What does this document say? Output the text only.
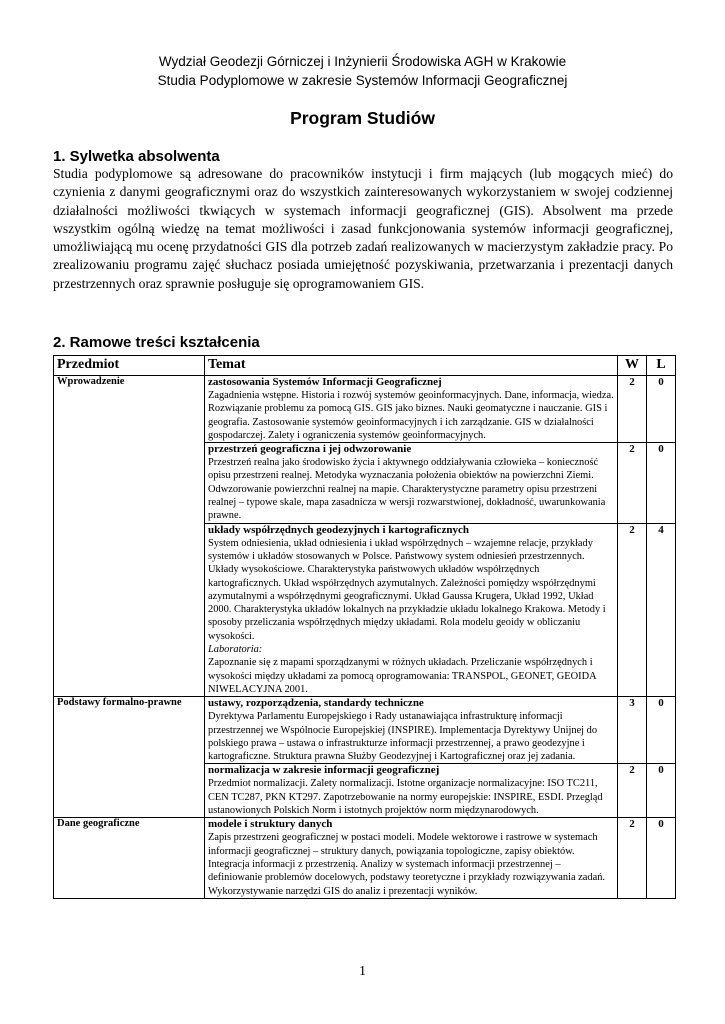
Wydział Geodezji Górniczej i Inżynierii Środowiska AGH w Krakowie
Studia Podyplomowe w zakresie Systemów Informacji Geograficznej
Program Studiów
1. Sylwetka absolwenta

Studia podyplomowe są adresowane do pracowników instytucji i firm mających (lub mogących mieć) do czynienia z danymi geograficznymi oraz do wszystkich zainteresowanych wykorzystaniem w swojej codziennej działalności możliwości tkwiących w systemach informacji geograficznej (GIS). Absolwent ma przede wszystkim ogólną wiedzę na temat możliwości i zasad funkcjonowania systemów informacji geograficznej, umożliwiającą mu ocenę przydatności GIS dla potrzeb zadań realizowanych w macierzystym zakładzie pracy. Po zrealizowaniu programu zajęć słuchacz posiada umiejętność pozyskiwania, przetwarzania i prezentacji danych przestrzennych oraz sprawnie posługuje się oprogramowaniem GIS.

2. Ramowe treści kształcenia
Przedmiot	Temat	W	L
Wprowadzenie	zastosowania Systemów Informacji Geograficznej
Zagadnienia wstępne. Historia i rozwój systemów geoinformacyjnych. Dane, informacja, wiedza. Rozwiązanie problemu za pomocą GIS. GIS jako biznes. Nauki geomatyczne i nauczanie. GIS i geografia. Zastosowanie systemów geoinformacyjnych i ich zarządzanie. GIS w działalności gospodarczej. Zalety i ograniczenia systemów geoinformacyjnych.	2	0

	przestrzeń geograficzna i jej odwzorowanie
Przestrzeń realna jako środowisko życia i aktywnego oddziaływania człowieka – konieczność opisu przestrzeni realnej. Metodyka wyznaczania położenia obiektów na powierzchni Ziemi. Odwzorowanie powierzchni realnej na mapie. Charakterystyczne parametry opisu przestrzeni realnej – typowe skale, mapa zasadnicza w wersji rozwarstwionej, dokładność, uwarunkowania prawne.	2	0

	układy współrzędnych geodezyjnych i kartograficznych
System odniesienia, układ odniesienia i układ współrzędnych – wzajemne relacje, przykłady systemów i układów stosowanych w Polsce. Państwowy system odniesień przestrzennych. Układy wysokościowe. Charakterystyka państwowych układów współrzędnych kartograficznych. Układ współrzędnych azymutalnych. Zależności pomiędzy współrzędnymi azymutalnymi a współrzędnymi geograficznymi. Układ Gaussa Krugera, Układ 1992, Układ 2000. Charakterystyka układów lokalnych na przykładzie układu lokalnego Krakowa. Metody i sposoby przeliczania współrzędnych między układami. Rola modelu geoidy w obliczaniu wysokości.
Laboratoria:
Zapoznanie się z mapami sporządzanymi w różnych układach. Przeliczanie współrzędnych i wysokości między układami za pomocą oprogramowania: TRANSPOL, GEONET, GEOIDA NIWELACYJNA 2001.	2	4
Podstawy formalno-prawne	ustawy, rozporządzenia, standardy techniczne
Dyrektywa Parlamentu Europejskiego i Rady ustanawiająca infrastrukturę informacji przestrzennej we Wspólnocie Europejskiej (INSPIRE). Implementacja Dyrektywy Unijnej do polskiego prawa – ustawa o infrastrukturze informacji przestrzennej, a prawo geodezyjne i kartograficzne. Struktura prawna Służby Geodezyjnej i Kartograficznej oraz jej zadania.	3	0

	normalizacja w zakresie informacji geograficznej
Przedmiot normalizacji. Zalety normalizacji. Istotne organizacje normalizacyjne: ISO TC211, CEN TC287, PKN KT297. Zapotrzebowanie na normy europejskie: INSPIRE, ESDI. Przegląd ustanowionych Polskich Norm i istotnych projektów norm międzynarodowych.	2	0
Dane geograficzne	modele i struktury danych
Zapis przestrzeni geograficznej w postaci modeli. Modele wektorowe i rastrowe w systemach informacji geograficznej – struktury danych, powiązania topologiczne, zapisy obiektów. Integracja informacji z przestrzenią. Analizy w systemach informacji przestrzennej – definiowanie problemów docelowych, podstawy teoretyczne i przykłady rozwiązywania zadań. Wykorzystywanie narzędzi GIS do analiz i prezentacji wyników.	2	0
1
